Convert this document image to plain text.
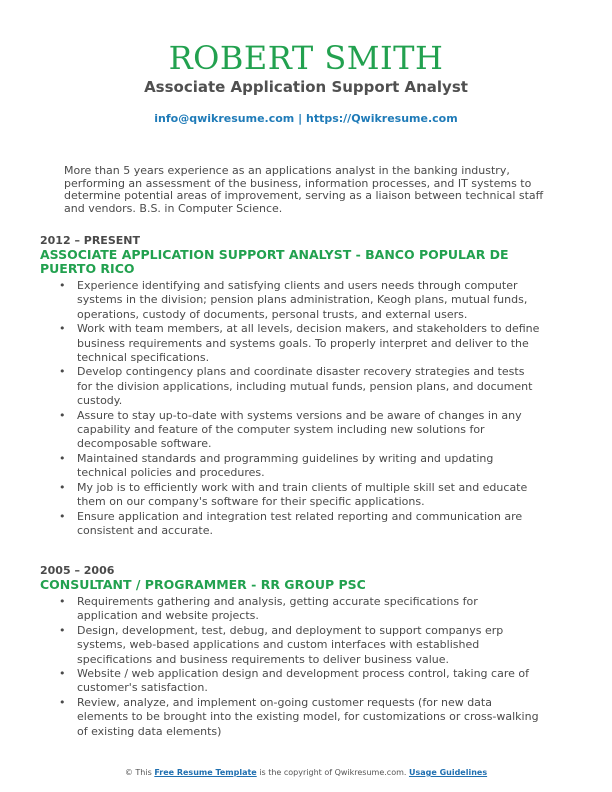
ROBERT SMITH
Associate Application Support Analyst
info@qwikresume.com | https://Qwikresume.com
More than 5 years experience as an applications analyst in the banking industry, performing an assessment of the business, information processes, and IT systems to determine potential areas of improvement, serving as a liaison between technical staff and vendors. B.S. in Computer Science.
2012 – PRESENT
ASSOCIATE APPLICATION SUPPORT ANALYST - BANCO POPULAR DE PUERTO RICO
• Experience identifying and satisfying clients and users needs through computer systems in the division; pension plans administration, Keogh plans, mutual funds, operations, custody of documents, personal trusts, and external users.
• Work with team members, at all levels, decision makers, and stakeholders to define business requirements and systems goals. To properly interpret and deliver to the technical specifications.
• Develop contingency plans and coordinate disaster recovery strategies and tests for the division applications, including mutual funds, pension plans, and document custody.
• Assure to stay up-to-date with systems versions and be aware of changes in any capability and feature of the computer system including new solutions for decomposable software.
• Maintained standards and programming guidelines by writing and updating technical policies and procedures.
• My job is to efficiently work with and train clients of multiple skill set and educate them on our company's software for their specific applications.
• Ensure application and integration test related reporting and communication are consistent and accurate.
2005 – 2006
CONSULTANT / PROGRAMMER - RR GROUP PSC
• Requirements gathering and analysis, getting accurate specifications for application and website projects.
• Design, development, test, debug, and deployment to support companys erp systems, web-based applications and custom interfaces with established specifications and business requirements to deliver business value.
• Website / web application design and development process control, taking care of customer's satisfaction.
• Review, analyze, and implement on-going customer requests (for new data elements to be brought into the existing model, for customizations or cross-walking of existing data elements)
© This Free Resume Template is the copyright of Qwikresume.com. Usage Guidelines
